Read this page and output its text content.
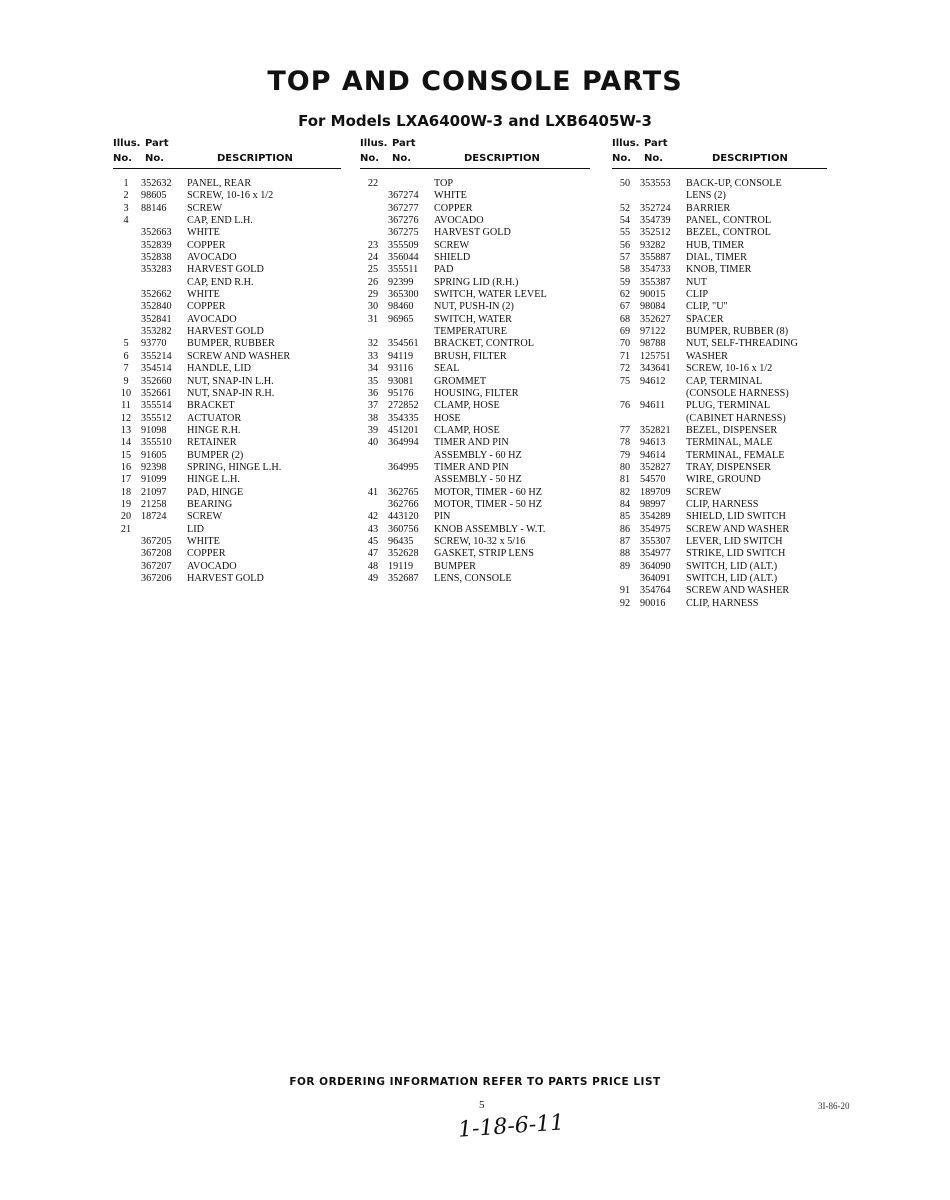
TOP AND CONSOLE PARTS
For Models LXA6400W-3 and LXB6405W-3
Illus. Part
No. No.	DESCRIPTION
1	352632 PANEL, REAR
2	98605 SCREW, 10-16 x 1/2
3	88146 SCREW
4	CAP, END L.H.
352663 WHITE
352839 COPPER
352838 AVOCADO
353283 HARVEST GOLD
CAP, END R.H.
352662 WHITE
352840 COPPER
352841 AVOCADO
353282 HARVEST GOLD
5	93770 BUMPER, RUBBER
6	355214 SCREW AND WASHER
7	354514 HANDLE, LID
9	352660 NUT, SNAP-IN L.H.
10 352661 NUT, SNAP-IN R.H.
11 355514 BRACKET
12 355512 ACTUATOR
13 91098 HINGE R.H.
14 355510 RETAINER
15 91605 BUMPER (2)
16 92398 SPRING, HINGE L.H.
17 91099 HINGE L.H.
18 21097 PAD, HINGE
19 21258 BEARING
20 18724 SCREW
21	LID
367205 WHITE
367208 COPPER
367207 AVOCADO
367206 HARVEST GOLD
Illus. Part
No. No.	DESCRIPTION
22	TOP
367274 WHITE
367277 COPPER
367276 AVOCADO
367275 HARVEST GOLD
23 355509 SCREW
24 356044 SHIELD
25 355511 PAD
26 92399 SPRING LID (R.H.)
29 365300 SWITCH, WATER LEVEL
30 98460 NUT, PUSH-IN (2)
31 96965 SWITCH, WATER
TEMPERATURE
32 354561 BRACKET, CONTROL
33 94119 BRUSH, FILTER
34 93116 SEAL
35 93081 GROMMET
36 95176 HOUSING, FILTER
37 272852 CLAMP, HOSE
38 354335 HOSE
39 451201 CLAMP, HOSE
40 364994 TIMER AND PIN
ASSEMBLY - 60 HZ
364995 TIMER AND PIN
ASSEMBLY - 50 HZ
41 362765 MOTOR, TIMER - 60 HZ
362766 MOTOR, TIMER - 50 HZ
42 443120 PIN
43 360756 KNOB ASSEMBLY - W.T.
45 96435 SCREW, 10-32 x 5/16
47 352628 GASKET, STRIP LENS
48 19119 BUMPER
49 352687 LENS, CONSOLE
Illus. Part
No. No.	DESCRIPTION
50 353553 BACK-UP, CONSOLE
LENS (2)
52 352724 BARRIER
54 354739 PANEL, CONTROL
55 352512 BEZEL, CONTROL
56 93282 HUB, TIMER
57 355887 DIAL, TIMER
58 354733 KNOB, TIMER
59 355387 NUT
62 90015 CLIP
67 98084 CLIP, "U"
68 352627 SPACER
69 97122 BUMPER, RUBBER (8)
70 98788 NUT, SELF-THREADING
71 125751 WASHER
72 343641 SCREW, 10-16 x 1/2
75 94612 CAP, TERMINAL
(CONSOLE HARNESS)
76 94611 PLUG, TERMINAL
(CABINET HARNESS)
77 352821 BEZEL, DISPENSER
78 94613 TERMINAL, MALE
79 94614 TERMINAL, FEMALE
80 352827 TRAY, DISPENSER
81 54570 WIRE, GROUND
82 189709 SCREW
84 98997 CLIP, HARNESS
85 354289 SHIELD, LID SWITCH
86 354975 SCREW AND WASHER
87 355307 LEVER, LID SWITCH
88 354977 STRIKE, LID SWITCH
89 364090 SWITCH, LID (ALT.)
364091 SWITCH, LID (ALT.)
91 354764 SCREW AND WASHER
92 90016 CLIP, HARNESS
FOR ORDERING INFORMATION REFER TO PARTS PRICE LIST
5	3I-86-20
1-18-6-11
